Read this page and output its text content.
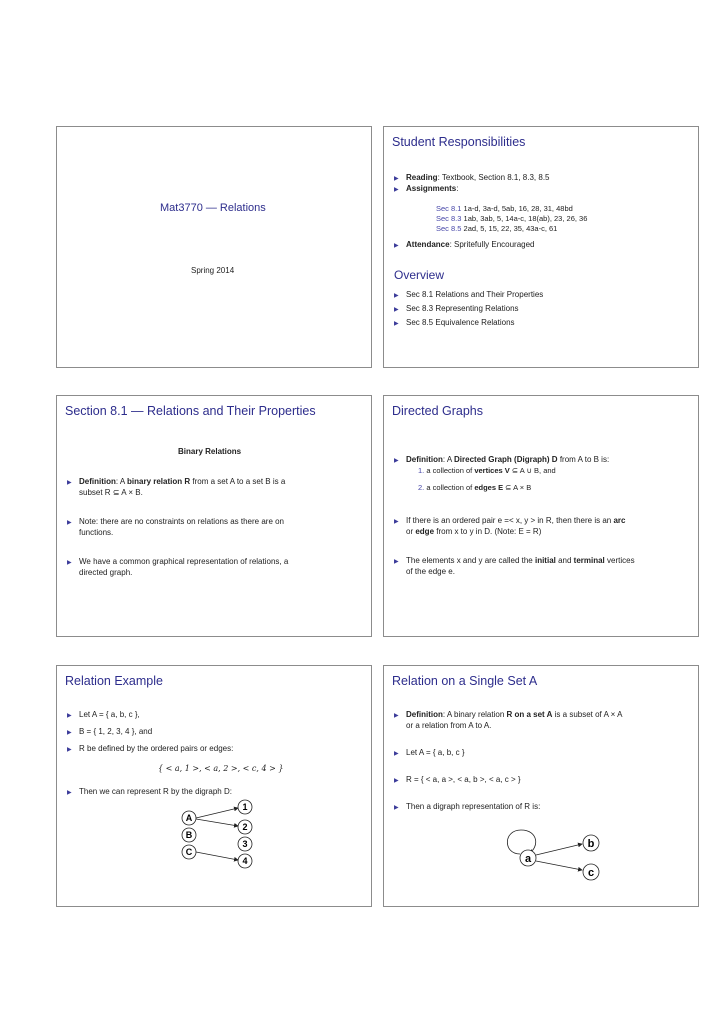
Mat3770 — Relations
Spring 2014
Student Responsibilities
▶ Reading: Textbook, Section 8.1, 8.3, 8.5
▶ Assignments:
Sec 8.1 1a-d, 3a-d, 5ab, 16, 28, 31, 48bd
Sec 8.3 1ab, 3ab, 5, 14a-c, 18(ab), 23, 26, 36
Sec 8.5 2ad, 5, 15, 22, 35, 43a-c, 61
▶ Attendance: Spritefully Encouraged
Overview
▶ Sec 8.1 Relations and Their Properties
▶ Sec 8.3 Representing Relations
▶ Sec 8.5 Equivalence Relations
Section 8.1 — Relations and Their Properties
Binary Relations
▶ Definition: A binary relation R from a set A to a set B is a
subset R ⊆ A × B.
▶ Note: there are no constraints on relations as there are on
functions.
▶ We have a common graphical representation of relations, a
directed graph.
Directed Graphs
▶ Definition: A Directed Graph (Digraph) D from A to B is:
1. a collection of vertices V ⊆ A ∪ B, and
2. a collection of edges E ⊆ A × B
▶ If there is an ordered pair e =< x, y > in R, then there is an arc
or edge from x to y in D. (Note: E = R)
▶ The elements x and y are called the initial and terminal vertices
of the edge e.
Relation Example
▶ Let A = { a, b, c },
▶ B = { 1, 2, 3, 4 }, and
▶ R be defined by the ordered pairs or edges:
{ < a, 1 >, < a, 2 >, < c, 4 > }
▶ Then we can represent R by the digraph D:
A
B
C
1
2
3
4
Relation on a Single Set A
▶ Definition: A binary relation R on a set A is a subset of A × A
or a relation from A to A.
▶ Let A = { a, b, c }
▶ R = { < a, a >, < a, b >, < a, c > }
▶ Then a digraph representation of R is:
a
b
c
